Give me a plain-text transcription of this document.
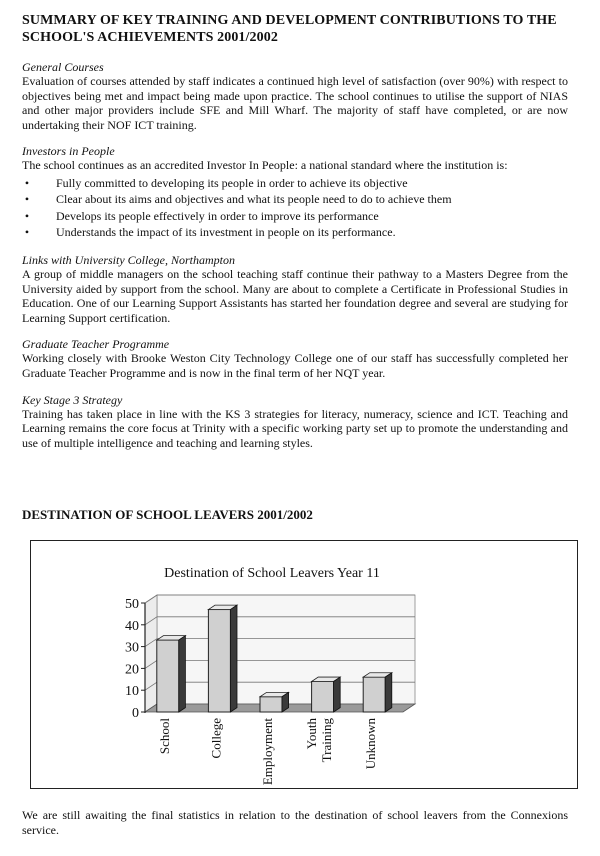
SUMMARY OF KEY TRAINING AND DEVELOPMENT CONTRIBUTIONS TO THE SCHOOL'S ACHIEVEMENTS 2001/2002

General Courses

Evaluation of courses attended by staff indicates a continued high level of satisfaction (over 90%) with respect to objectives being met and impact being made upon practice. The school continues to utilise the support of NIAS and other major providers include SFE and Mill Wharf. The majority of staff have completed, or are now undertaking their NOF ICT training.

Investors in People

The school continues as an accredited Investor In People: a national standard where the institution is:

• Fully committed to developing its people in order to achieve its objective
• Clear about its aims and objectives and what its people need to do to achieve them
• Develops its people effectively in order to improve its performance
• Understands the impact of its investment in people on its performance.

Links with University College, Northampton

A group of middle managers on the school teaching staff continue their pathway to a Masters Degree from the University aided by support from the school. Many are about to complete a Certificate in Professional Studies in Education. One of our Learning Support Assistants has started her foundation degree and several are studying for Learning Support certification.

Graduate Teacher Programme

Working closely with Brooke Weston City Technology College one of our staff has successfully completed her Graduate Teacher Programme and is now in the final term of her NQT year.

Key Stage 3 Strategy

Training has taken place in line with the KS 3 strategies for literacy, numeracy, science and ICT. Teaching and Learning remains the core focus at Trinity with a specific working party set up to promote the understanding and use of multiple intelligence and teaching and learning styles.

DESTINATION OF SCHOOL LEAVERS 2001/2002
Destination of School Leavers Year 11
0
10
20
30
40
50
School	College	Employment Youth Training Unknown

We are still awaiting the final statistics in relation to the destination of school leavers from the Connexions service.
